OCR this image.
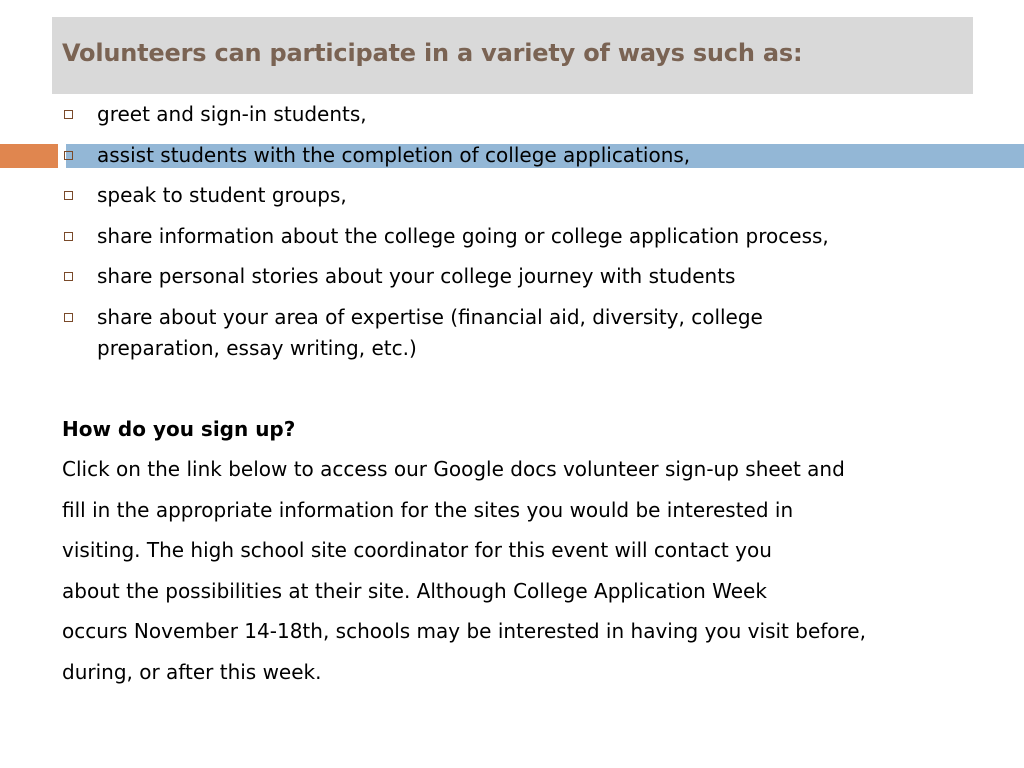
Volunteers can participate in a variety of ways such as:
greet and sign-in students,
assist students with the completion of college applications,
speak to student groups,
share information about the college going or college application process,
share personal stories about your college journey with students
share about your area of expertise (financial aid, diversity, college preparation, essay writing, etc.)
How do you sign up?
Click on the link below to access our Google docs volunteer sign-up sheet and
fill in the appropriate information for the sites you would be interested in
visiting. The high school site coordinator for this event will contact you
about the possibilities at their site. Although College Application Week
occurs November 14-18th, schools may be interested in having you visit before,
during, or after this week.
